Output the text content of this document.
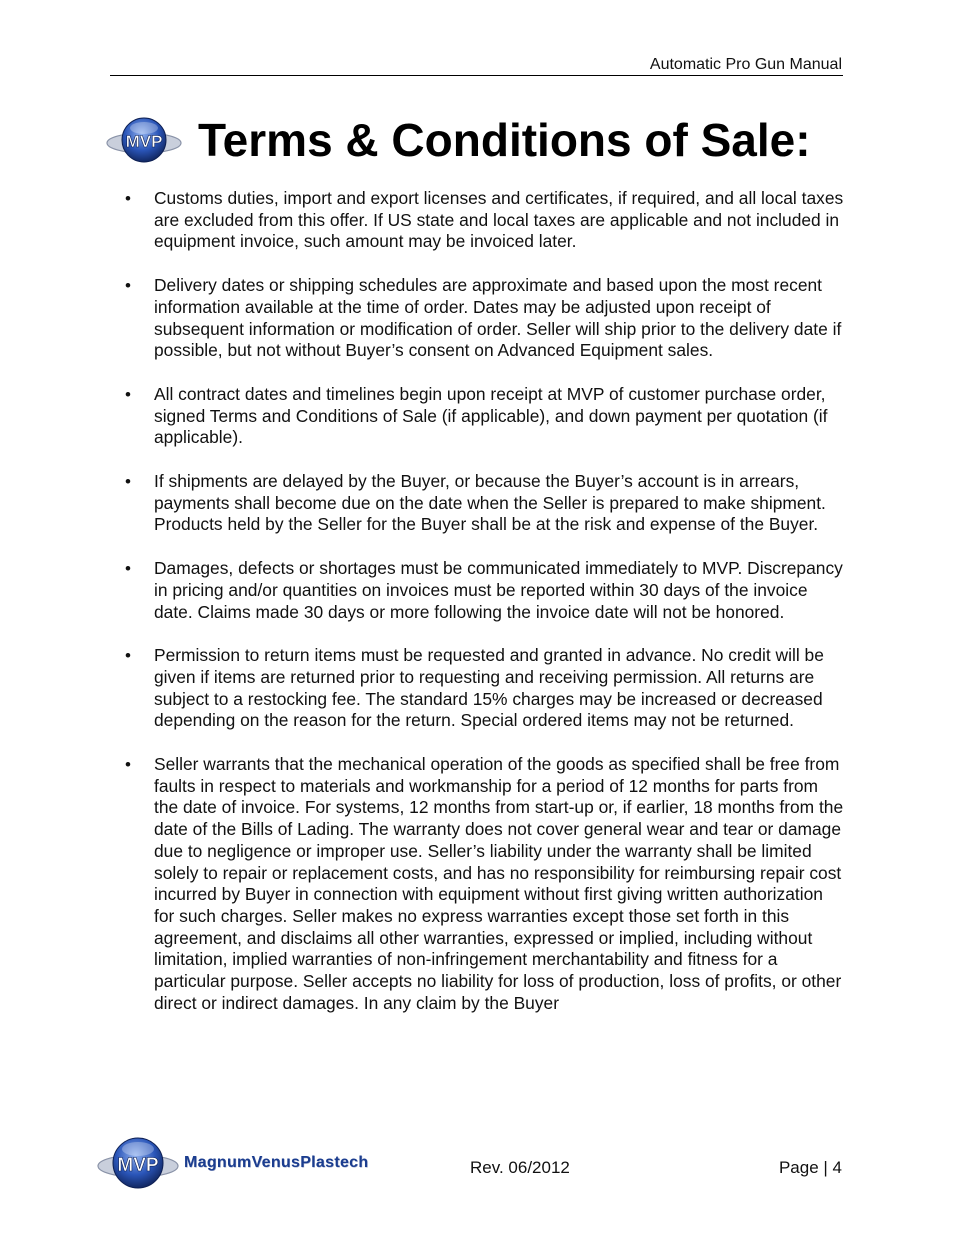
Automatic Pro Gun Manual
MVP Terms & Conditions of Sale:
• Customs duties, import and export licenses and certificates, if required, and all local taxes are excluded from this offer. If US state and local taxes are applicable and not included in equipment invoice, such amount may be invoiced later.
• Delivery dates or shipping schedules are approximate and based upon the most recent information available at the time of order. Dates may be adjusted upon receipt of subsequent information or modification of order. Seller will ship prior to the delivery date if possible, but not without Buyer’s consent on Advanced Equipment sales.
• All contract dates and timelines begin upon receipt at MVP of customer purchase order, signed Terms and Conditions of Sale (if applicable), and down payment per quotation (if applicable).
• If shipments are delayed by the Buyer, or because the Buyer’s account is in arrears, payments shall become due on the date when the Seller is prepared to make shipment. Products held by the Seller for the Buyer shall be at the risk and expense of the Buyer.
• Damages, defects or shortages must be communicated immediately to MVP. Discrepancy in pricing and/or quantities on invoices must be reported within 30 days of the invoice date. Claims made 30 days or more following the invoice date will not be honored.
• Permission to return items must be requested and granted in advance. No credit will be given if items are returned prior to requesting and receiving permission. All returns are subject to a restocking fee. The standard 15% charges may be increased or decreased depending on the reason for the return. Special ordered items may not be returned.
• Seller warrants that the mechanical operation of the goods as specified shall be free from faults in respect to materials and workmanship for a period of 12 months for parts from the date of invoice. For systems, 12 months from start-up or, if earlier, 18 months from the date of the Bills of Lading. The warranty does not cover general wear and tear or damage due to negligence or improper use. Seller’s liability under the warranty shall be limited solely to repair or replacement costs, and has no responsibility for reimbursing repair cost incurred by Buyer in connection with equipment without first giving written authorization for such charges. Seller makes no express warranties except those set forth in this agreement, and disclaims all other warranties, expressed or implied, including without limitation, implied warranties of non-infringement merchantability and fitness for a particular purpose. Seller accepts no liability for loss of production, loss of profits, or other direct or indirect damages. In any claim by the Buyer
MVP MagnumVenusPlastech	Rev. 06/2012	Page | 4
